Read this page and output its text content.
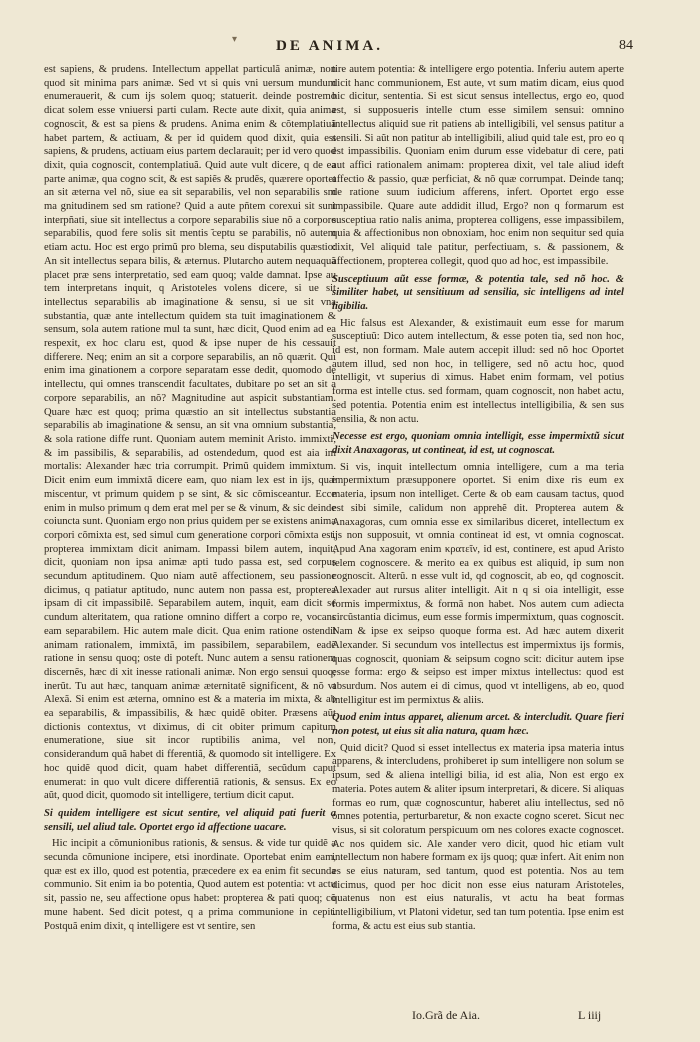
▾	DE ANIMA.	84

est sapiens, & prudens. Intellectum appellat particulã animæ, non quod sit minima pars animæ. Sed vt si quis vni uersum mundum enumerauerit, & cum ijs solem quoq; statuerit. deinde postremo dicat solem esse vniuersi parti culam. Recte aute dixit, quia anima cognoscit, & est sa piens & prudens. Anima enim & cõtemplatiuã habet partem, & actiuam, & per id quidem quod dixit, quia est sapiens, & prudens, actiuam eius partem declarauit; per id vero quod dixit, quia cognoscit, contemplatiuã. Quid aute vult dicere, q de ea parte animæ, qua cogno scit, & est sapiẽs & prudẽs, quærere oportet an sit æterna vel nõ, siue ea sit separabilis, vel non separabilis sm ma gnitudinem sed sm ratione? Quid a aute pñtem corexui sit sunt interpñati, siue sit intellectus a corpore separabilis siue nõ a corpore separabilis, quod fere solis sit mentis ̃ceptu se parabilis, nõ autem etiam actu. Hoc est ergo primũ pro blema, seu disputabilis quæstio: An sit intellectus separa bilis, & æternus. Plutarcho autem nequaquã placet præ sens interpretatio, sed eam quoq; valde damnat. Ipse au tem interpretans inquit, q Aristoteles volens dicere, si ue sit intellectus separabilis ab imaginatione & sensu, si ue sit vna substantia, quæ ante intellectum quidem sta tuit imaginationem & sensum, sola autem ratione mul ta sunt, hæc dicit, Quod enim ad ea respexit, ex hoc claru est, quod & ipse nuper de his cessauit differere. Neq; enim an sit a corpore separabilis, an nõ quærit. Qui enim ima ginationem a corpore separatam esse dedit, quomodo de intellectu, qui omnes transcendit facultates, dubitare po set an sit a corpore separabilis, an nõ? Magnitudine aut aspicit substantiam. Quare hæc est quoq; prima quæstio an sit intellectus substantia separabilis ab imaginatione & sensu, an sit vna omnium substantia, & sola ratione diffe runt. Quoniam autem meminit Aristo. immixti, & im passibilis, & separabilis, ad ostendedum, quod est aia im mortalis: Alexander hæc tria corrumpit. Primũ quidem immixtum. Dicit enim eum immixtã dicere eam, quo niam lex est in ijs, quæ miscentur, vt primum quidem p se sint, & sic cõmisceantur. Ecce enim in mulso primum q dem erat mel per se & vinum, & sic deinde coiuncta sunt. Quoniam ergo non prius quidem per se existens anima corpori cõmixta est, sed simul cum generatione corpori cõmixta est, propterea immixtam dicit animam. Impassi bilem autem, inquit, dicit, quoniam non ipsa animæ apti tudo passa est, sed corpus secundum aptitudinem. Quo niam autẽ affectionem, seu passione dicimus, q patiatur aptitudo, nunc autem non passa est, propterea ipsam di cit impassibilẽ. Separabilem autem, inquit, eam dicit se cundum alteritatem, qua ratione omnino differt a corpo re, vocans eam separabilem. Hic autem male dicit. Qua enim ratione ostendit animam rationalem, immixtã, im passibilem, separabilem, eadẽ ratione in sensu quoq; oste di poteft. Nunc autem a sensu rationem discernẽs, hæc di xit inesse rationali animæ. Non ergo sensui quoq; inerũt. Tu aut hæc, tanquam animæ æternitatẽ significent, & nõ vt Alexã. Si enim est æterna, omnino est & a materia im mixta, & ab ea separabilis, & impassibilis, & hæc quidẽ obiter. Præsens aũt dictionis contextus, vt diximus, di cit obiter primum capitum enumeratione, siue sit incor ruptibilis anima, vel non, considerandum quã habet di fferentiã, & quomodo sit intelligere. Ex hoc quidẽ quod dicit, quam habet differentiã, secũdum caput enumerat: in quo vult dicere differentiã rationis, & sensus. Ex eo aũt, quod dicit, quomodo sit intelligere, tertium dicit caput.

Si quidem intelligere est sicut sentire, vel aliquid pati fuerit a sensili, uel aliud tale. Oportet ergo id affectione uacare.

Hic incipit a cõmunionibus rationis, & sensus. & vide tur quidẽ a secunda cõmunione incipere, etsi inordinate. Oportebat enim eam, quæ est ex illo, quod est potentia, præcedere ex ea enim fit secunda communio. Sit enim ia bo potentia, Quod autem est potentia: vt actu sit, passio ne, seu affectione opus habet: propterea & pati quoq; cõ mune habent. Sed dicit potest, q a prima communione in cepit. Postquã enim dixit, q intelligere est vt sentire, sen

tire autem potentia: & intelligere ergo potentia. Inferiu autem aperte dicit hanc communionem, Est aute, vt sum matim dicam, eius quod hic dicitur, sententia. Si est sicut sensus intellectus, ergo eo, quod est, si supposueris intelle ctum esse similem sensui: omnino intellectus aliquid sue rit patiens ab intelligibili, vel sensus patitur a sensili. Si aũt non patitur ab intelligibili, aliud quid tale est, pro eo q est impassibilis. Quoniam enim durum esse videbatur di cere, pati aut affici rationalem animam: propterea dixit, vel tale aliud ideft affectio & passio, quæ perficiat, & nõ quæ corrumpat. Deinde tanq; de ratione suum iudicium afferens, infert. Oportet ergo esse impassibile. Quare aute addidit illud, Ergo? non q formarum est susceptiua ratio nalis anima, propterea colligens, esse impassibilem, quia & affectionibus non obnoxiam, hoc enim non sequitur sed quia dixit, Vel aliquid tale patitur, perfectiuam, s. & passionem, & affectionem, propterea collegit, quod quo ad hoc, est impassibile.

Susceptiuum aũt esse formæ, & potentia tale, sed nõ hoc. & similiter habet, ut sensitiuum ad sensilia, sic intelligens ad intel ligibilia.

Hic falsus est Alexander, & existimauit eum esse for marum susceptiuũ: Dico autem intellectum, & esse poten tia, sed non hoc, id est, non formam. Male autem accepit illud: sed nõ hoc Oportet autem illud, sed non hoc, in telligere, sed nõ actu hoc, quod intelligit, vt superius di ximus. Habet enim formam, vel potius forma est intelle ctus. sed formam, quam cognoscit, non habet actu, sed potentia. Potentia enim est intellectus intelligibilia, & sen sus sensilia, & non actu.

Necesse est ergo, quoniam omnia intelligit, esse impermixtũ sicut dixit Anaxagoras, ut contineat, id est, ut cognoscat.

Si vis, inquit intellectum omnia intelligere, cum a ma teria impermixtum præsupponere oportet. Si enim dixe ris eum ex materia, ipsum non intelliget. Certe & ob eam causam tactus, quod est sibi simile, calidum non apprehẽ dit. Propterea autem & Anaxagoras, cum omnia esse ex similaribus diceret, intellectum ex ijs non supposuit, vt omnia contineat id est, vt omnia cognoscat. Apud Ana xagoram enim κρατεῖν, id est, continere, est apud Aristo telem cognoscere. & merito ea ex quibus est aliquid, ip sum non cognoscit. Alterũ. n esse vult id, qd cognoscit, ab eo, qd cognoscit. Alexader aut rursus aliter intelligit. Ait n q si oia intelligit, esse formis impermixtus, & formã non habet. Nos autem cum adiecta circũstantia dicimus, eum esse formis impermixtum, quas cognoscit. Nam & ipse ex seipso quoque forma est. Ad hæc autem dixerit Alexander. Si secundum vos intellectus est impermixtus ijs formis, quas cognoscit, quoniam & seipsum cogno scit: dicitur autem ipse esse forma: ergo & seipso est imper mixtus intellectus: quod est absurdum. Nos autem ei di cimus, quod vt intelligens, ab eo, quod intelligitur est im permixtus & aliis.

Quod enim intus apparet, alienum arcet. & intercludit. Quare fieri non potest, ut eius sit alia natura, quam hæc.

Quid dicit? Quod si esset intellectus ex materia ipsa materia intus apparens, & intercludens, prohiberet ip sum intelligere non solum se ipsum, sed & aliena intelligi bilia, id est alia, Non est ergo ex materia. Potes autem & aliter ipsum interpretari, & dicere. Si aliquas formas eo rum, quæ cognoscuntur, haberet aliu intellectus, sed nõ omnes potentia, perturbaretur, & non exacte cogno sceret. Sicut nec visus, si sit coloratum perspicuum om nes colores exacte cognoscet. Ac nos quidem sic. Ale xander vero dicit, quod hic etiam vult intellectum non habere formam ex ijs quoq; quæ infert. Ait enim non es se eius naturam, sed tantum, quod est potentia. Nos au tem dicimus, quod per hoc dicit non esse eius naturam Aristoteles, quatenus non est eius naturalis, vt actu ha beat formas intelligibilium, vt Platoni videtur, sed tan tum potentia. Ipse enim est forma, & actu est eius sub stantia.

Io.Grã de Aia.	L iiij
